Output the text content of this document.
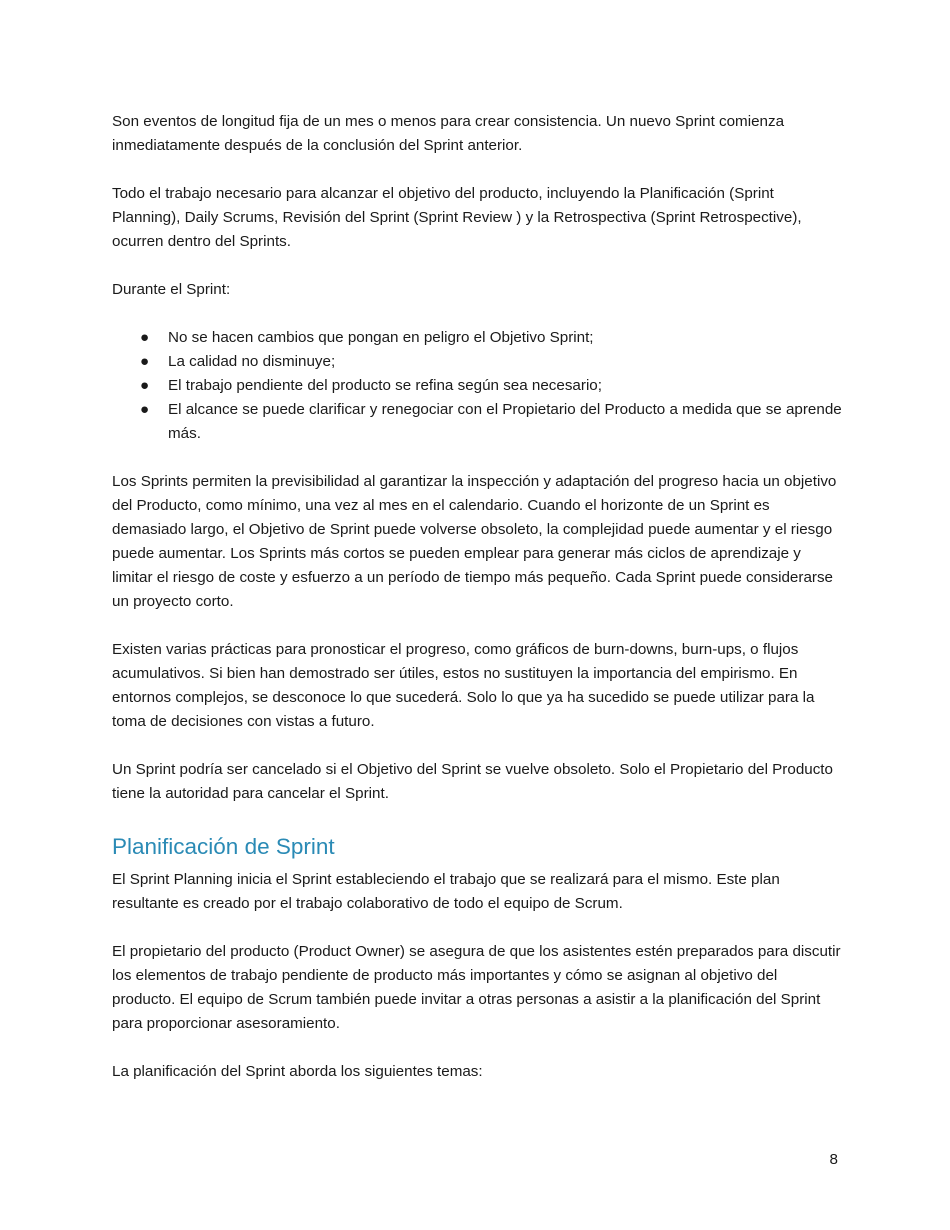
Son eventos de longitud fija de un mes o menos para crear consistencia. Un nuevo Sprint comienza inmediatamente después de la conclusión del Sprint anterior.

Todo el trabajo necesario para alcanzar el objetivo del producto, incluyendo la Planificación (Sprint Planning), Daily Scrums, Revisión del Sprint (Sprint Review ) y la Retrospectiva (Sprint Retrospective), ocurren dentro del Sprints.

Durante el Sprint:

●	No se hacen cambios que pongan en peligro el Objetivo Sprint;
●	La calidad no disminuye;
●	El trabajo pendiente del producto se refina según sea necesario;
●	El alcance se puede clarificar y renegociar con el Propietario del Producto a medida que se aprende más.

Los Sprints permiten la previsibilidad al garantizar la inspección y adaptación del progreso hacia un objetivo del Producto, como mínimo, una vez al mes en el calendario. Cuando el horizonte de un Sprint es demasiado largo, el Objetivo de Sprint puede volverse obsoleto, la complejidad puede aumentar y el riesgo puede aumentar. Los Sprints más cortos se pueden emplear para generar más ciclos de aprendizaje y limitar el riesgo de coste y esfuerzo a un período de tiempo más pequeño. Cada Sprint puede considerarse un proyecto corto.

Existen varias prácticas para pronosticar el progreso, como gráficos de burn-downs, burn-ups, o flujos acumulativos. Si bien han demostrado ser útiles, estos no sustituyen la importancia del empirismo. En entornos complejos, se desconoce lo que sucederá. Solo lo que ya ha sucedido se puede utilizar para la toma de decisiones con vistas a futuro.

Un Sprint podría ser cancelado si el Objetivo del Sprint se vuelve obsoleto. Solo el Propietario del Producto tiene la autoridad para cancelar el Sprint.

Planificación de Sprint

El Sprint Planning inicia el Sprint estableciendo el trabajo que se realizará para el mismo. Este plan resultante es creado por el trabajo colaborativo de todo el equipo de Scrum.

El propietario del producto (Product Owner) se asegura de que los asistentes estén preparados para discutir los elementos de trabajo pendiente de producto más importantes y cómo se asignan al objetivo del producto. El equipo de Scrum también puede invitar a otras personas a asistir a la planificación del Sprint para proporcionar asesoramiento.

La planificación del Sprint aborda los siguientes temas:

8
